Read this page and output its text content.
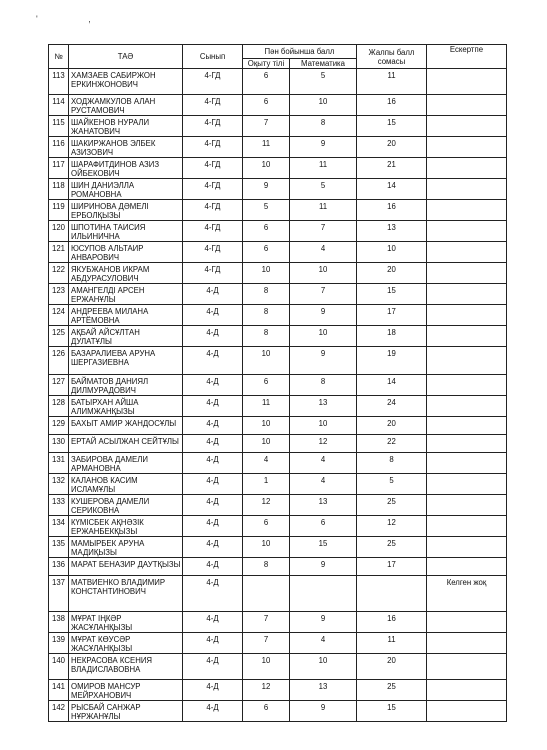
' ,
№	ТАӘ	Сынып	Пән бойынша балл		Жалпы балл сомасы	Ескертпе
			Оқыту тілі	Математика		
113	ХАМЗАЕВ САБИРЖОН ЕРКИНЖОНОВИЧ	4-ГД	6	5	11	
114	ХОДЖАМКУЛОВ АЛАН РУСТАМОВИЧ	4-ГД	6	10	16	
115	ШАЙКЕНОВ НУРАЛИ ЖАНАТОВИЧ	4-ГД	7	8	15	
116	ШАКИРЖАНОВ ЭЛБЕК АЗИЗОВИЧ	4-ГД	11	9	20	
117	ШАРАФИТДИНОВ АЗИЗ ОЙБЕКОВИЧ	4-ГД	10	11	21	
118	ШИН ДАНИЭЛЛА РОМАНОВНА	4-ГД	9	5	14	
119	ШИРИНОВА ДӘМЕЛІ ЕРБОЛҚЫЗЫ	4-ГД	5	11	16	
120	ШПОТИНА ТАИСИЯ ИЛЬИНИЧНА	4-ГД	6	7	13	
121	ЮСУПОВ АЛЬТАИР АНВАРОВИЧ	4-ГД	6	4	10	
122	ЯКУБЖАНОВ ИКРАМ АБДУРАСУЛОВИЧ	4-ГД	10	10	20	
123	АМАНГЕЛДІ АРСЕН ЕРЖАНҰЛЫ	4-Д	8	7	15	
124	АНДРЕЕВА МИЛАНА АРТЁМОВНА	4-Д	8	9	17	
125	АҚБАЙ АЙСҰЛТАН ДУЛАТҰЛЫ	4-Д	8	10	18	
126	БАЗАРАЛИЕВА АРУНА ШЕРГАЗИЕВНА	4-Д	10	9	19	
127	БАЙМАТОВ ДАНИЯЛ ДИЛМУРАДОВИЧ	4-Д	6	8	14	
128	БАТЫРХАН АЙША АЛИМЖАНҚЫЗЫ	4-Д	11	13	24	
129	БАХЫТ АМИР ЖАНДОСҰЛЫ	4-Д	10	10	20	
130	ЕРТАЙ АСЫЛЖАН СЕЙТҰЛЫ	4-Д	10	12	22	
131	ЗАБИРОВА ДАМЕЛИ АРМАНОВНА	4-Д	4	4	8	
132	КАЛАНОВ КАСИМ ИСЛАМҰЛЫ	4-Д	1	4	5	
133	КУШЕРОВА ДАМЕЛИ СЕРИКОВНА	4-Д	12	13	25	
134	КҮМІСБЕК АҚНӘЗІК ЕРЖАНБЕКҚЫЗЫ	4-Д	6	6	12	
135	МАМЫРБЕК АРУНА МАДИҚЫЗЫ	4-Д	10	15	25	
136	МАРАТ БЕНАЗИР ДАУТҚЫЗЫ	4-Д	8	9	17	
137	МАТВИЕНКО ВЛАДИМИР КОНСТАНТИНОВИЧ	4-Д				Келген жоқ
138	МҰРАТ ІҢКӘР ЖАСҰЛАНҚЫЗЫ	4-Д	7	9	16	
139	МҰРАТ КӨУСӘР ЖАСҰЛАНҚЫЗЫ	4-Д	7	4	11	
140	НЕКРАСОВА КСЕНИЯ ВЛАДИСЛАВОВНА	4-Д	10	10	20	
141	ОМИРОВ МАНСУР МЕЙРХАНОВИЧ	4-Д	12	13	25	
142	РЫСБАЙ САНЖАР НҰРЖАНҰЛЫ	4-Д	6	9	15	
